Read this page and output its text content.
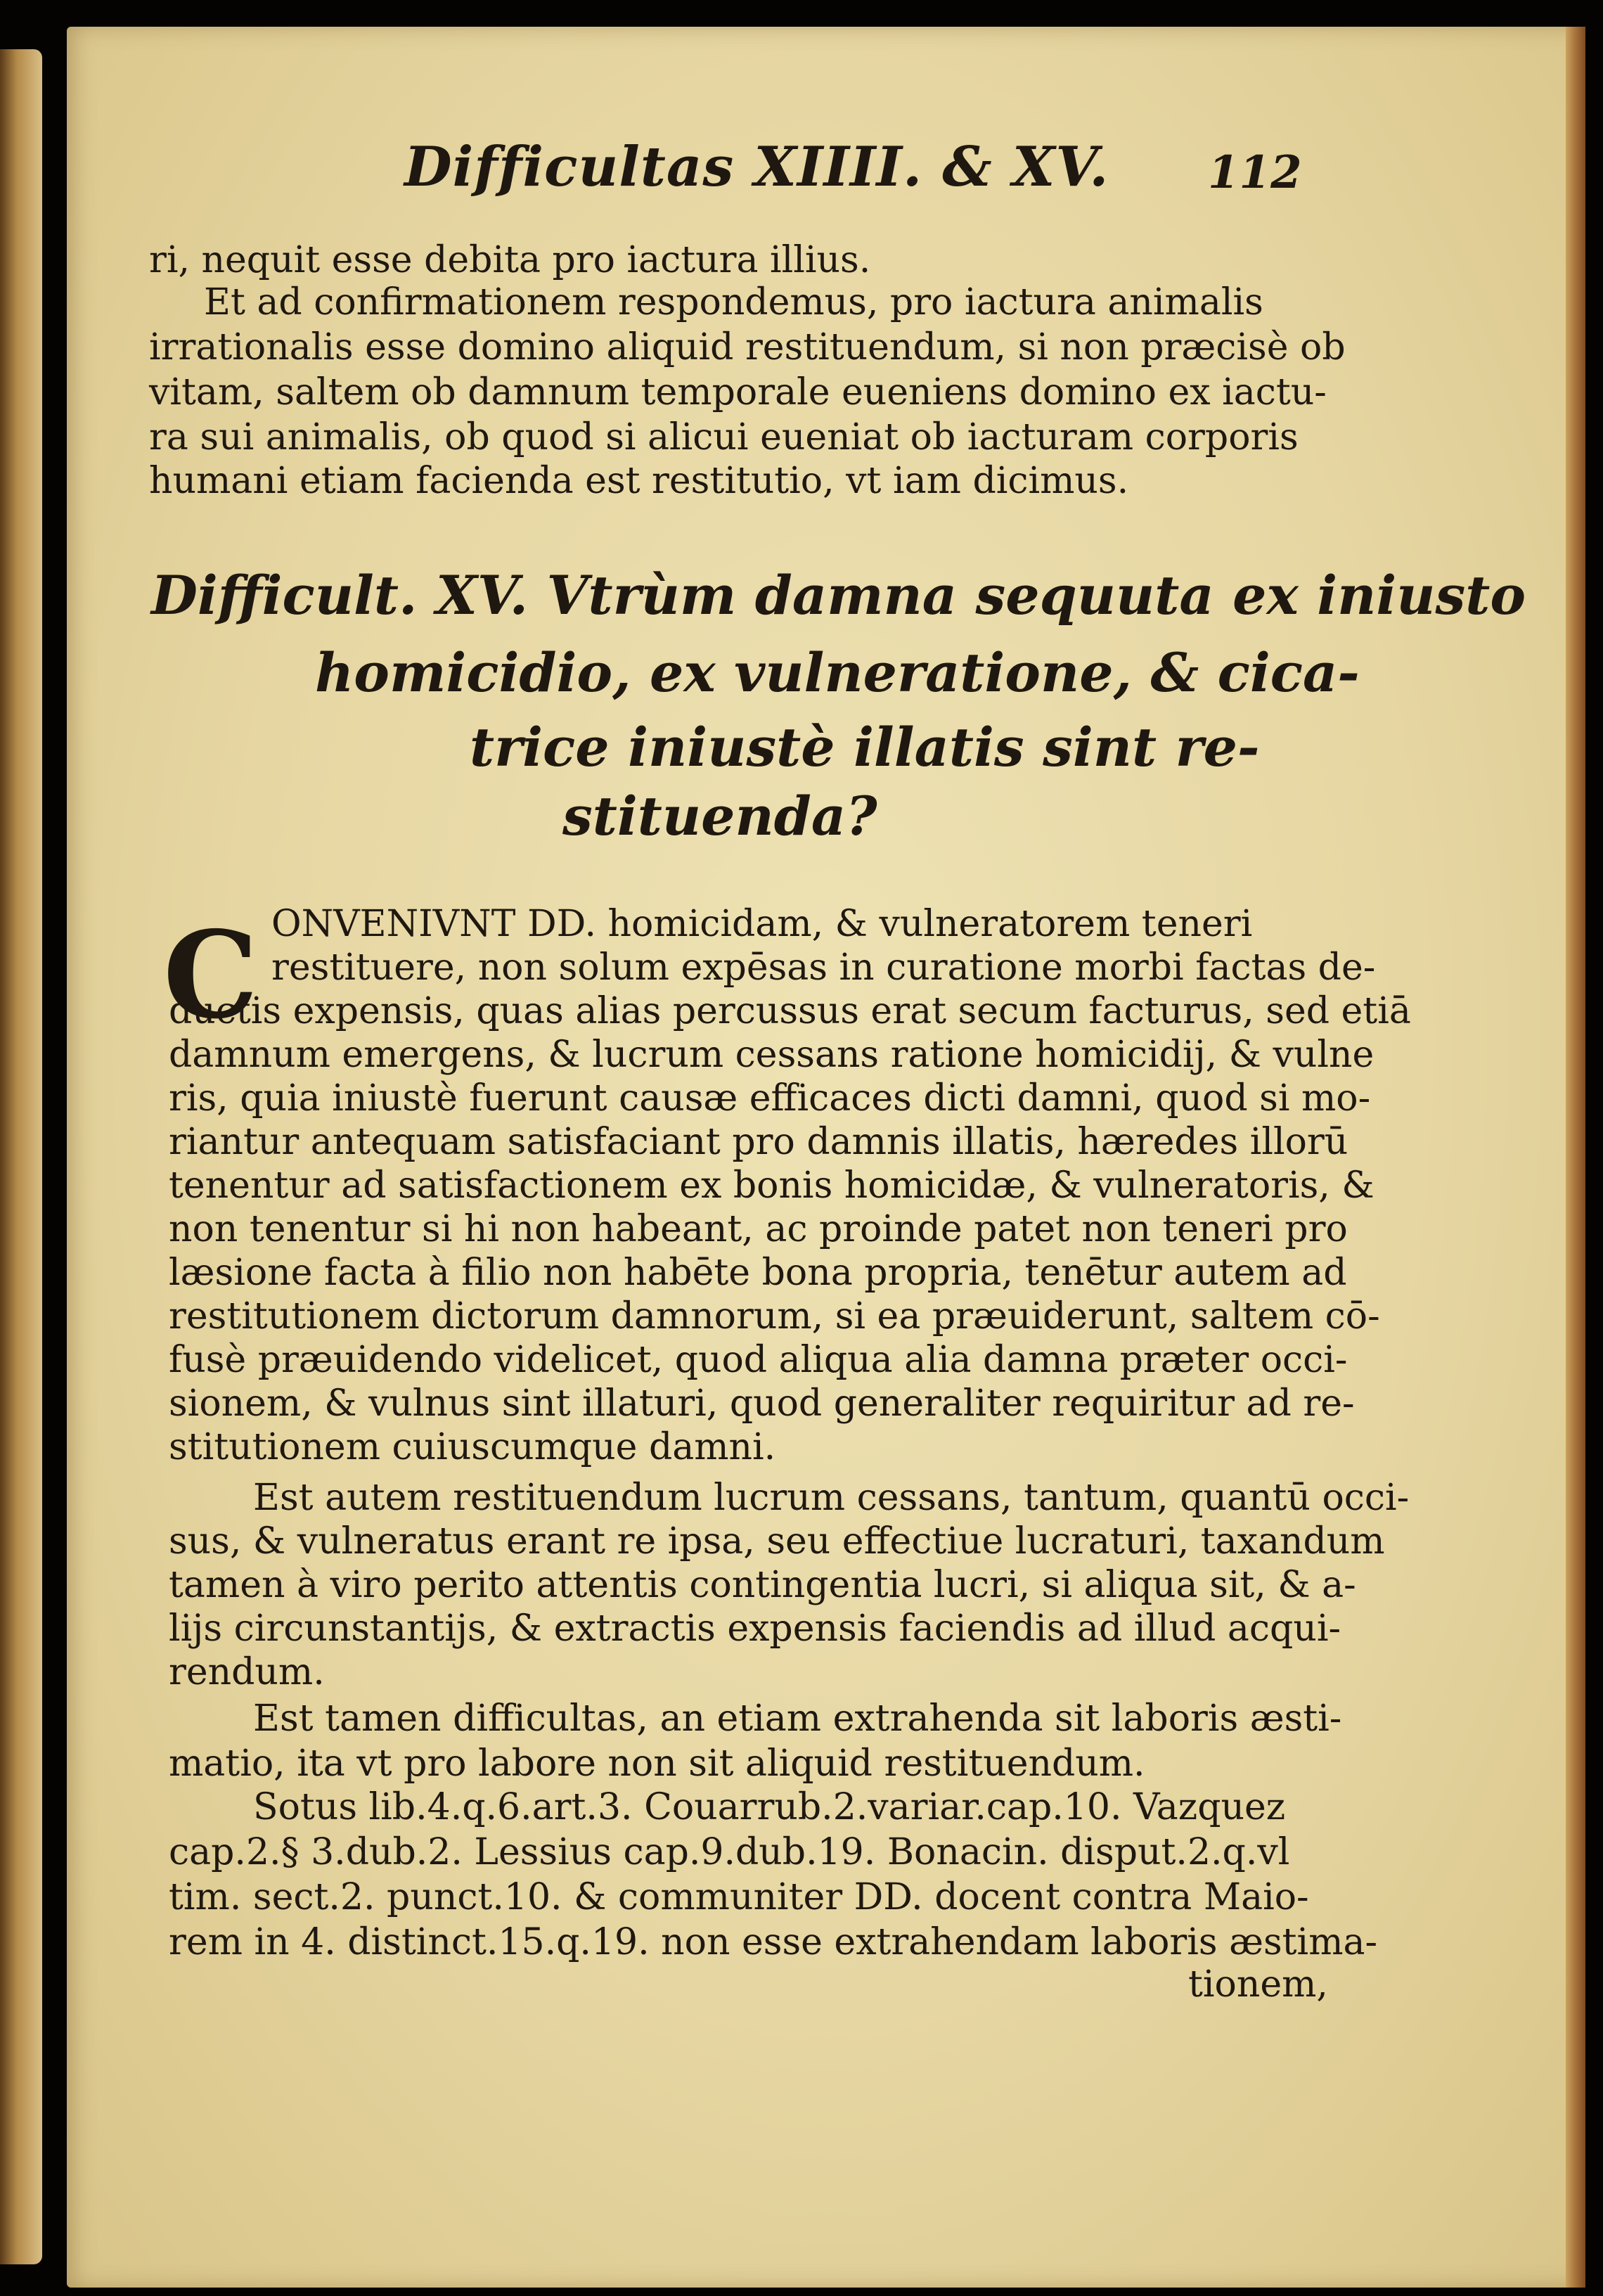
Difficultas XIIII. & XV. 112

ri, nequit esse debita pro iactura illius.

Et ad confirmationem respondemus, pro iactura animalis

irrationalis esse domino aliquid restituendum, si non præcisè ob

vitam, saltem ob damnum temporale eueniens domino ex iactu-

ra sui animalis, ob quod si alicui eueniat ob iacturam corporis

humani etiam facienda est restitutio, vt iam dicimus.

Difficult. XV. Vtrùm damna sequuta ex iniusto

homicidio, ex vulneratione, & cica-

trice iniustè illatis sint re-

stituenda?

C ONVENIVNT DD. homicidam, & vulneratorem teneri

restituere, non solum expēsas in curatione morbi factas de-

ductis expensis, quas alias percussus erat secum facturus, sed etiā

damnum emergens, & lucrum cessans ratione homicidij, & vulne

ris, quia iniustè fuerunt causæ efficaces dicti damni, quod si mo-

riantur antequam satisfaciant pro damnis illatis, hæredes illorū

tenentur ad satisfactionem ex bonis homicidæ, & vulneratoris, &

non tenentur si hi non habeant, ac proinde patet non teneri pro

læsione facta à filio non habēte bona propria, tenētur autem ad

restitutionem dictorum damnorum, si ea præuiderunt, saltem cō-

fusè præuidendo videlicet, quod aliqua alia damna præter occi-

sionem, & vulnus sint illaturi, quod generaliter requiritur ad re-

stitutionem cuiuscumque damni.

Est autem restituendum lucrum cessans, tantum, quantū occi-

sus, & vulneratus erant re ipsa, seu effectiue lucraturi, taxandum

tamen à viro perito attentis contingentia lucri, si aliqua sit, & a-

lijs circunstantijs, & extractis expensis faciendis ad illud acqui-

rendum.

Est tamen difficultas, an etiam extrahenda sit laboris æsti-

matio, ita vt pro labore non sit aliquid restituendum.

Sotus lib.4.q.6.art.3. Couarrub.2.variar.cap.10. Vazquez

cap.2.§ 3.dub.2. Lessius cap.9.dub.19. Bonacin. disput.2.q.vl

tim. sect.2. punct.10. & communiter DD. docent contra Maio-

rem in 4. distinct.15.q.19. non esse extrahendam laboris æstima-

tionem,
